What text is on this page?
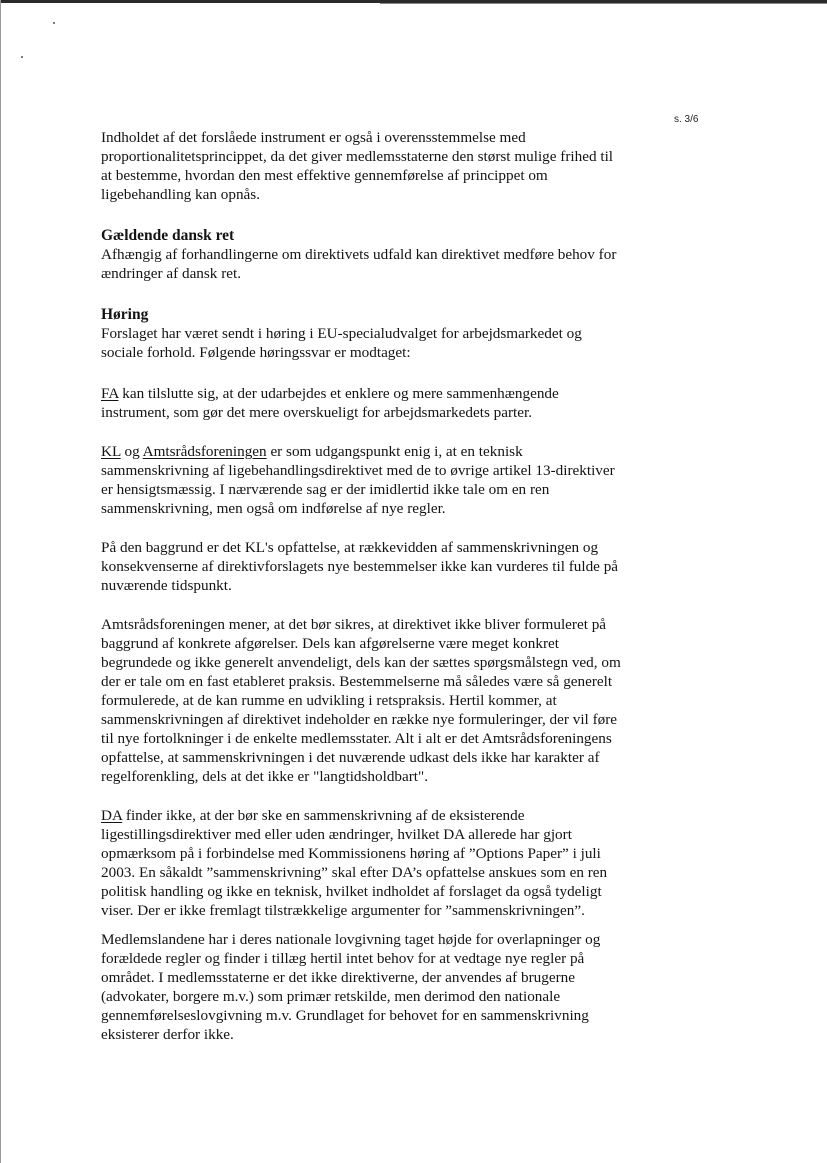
s. 3/6

Indholdet af det forslåede instrument er også i overensstemmelse med proportionalitetsprincippet, da det giver medlemsstaterne den størst mulige frihed til at bestemme, hvordan den mest effektive gennemførelse af princippet om ligebehandling kan opnås.

Gældende dansk ret

Afhængig af forhandlingerne om direktivets udfald kan direktivet medføre behov for ændringer af dansk ret.

Høring

Forslaget har været sendt i høring i EU-specialudvalget for arbejdsmarkedet og sociale forhold. Følgende høringssvar er modtaget:

FA kan tilslutte sig, at der udarbejdes et enklere og mere sammenhængende instrument, som gør det mere overskueligt for arbejdsmarkedets parter.

KL og Amtsrådsforeningen er som udgangspunkt enig i, at en teknisk sammenskrivning af ligebehandlingsdirektivet med de to øvrige artikel 13-direktiver er hensigtsmæssig. I nærværende sag er der imidlertid ikke tale om en ren sammenskrivning, men også om indførelse af nye regler.

På den baggrund er det KL's opfattelse, at rækkevidden af sammenskrivningen og konsekvenserne af direktivforslagets nye bestemmelser ikke kan vurderes til fulde på nuværende tidspunkt.

Amtsrådsforeningen mener, at det bør sikres, at direktivet ikke bliver formuleret på baggrund af konkrete afgørelser. Dels kan afgørelserne være meget konkret begrundede og ikke generelt anvendeligt, dels kan der sættes spørgsmålstegn ved, om der er tale om en fast etableret praksis. Bestemmelserne må således være så generelt formulerede, at de kan rumme en udvikling i retspraksis. Hertil kommer, at sammenskrivningen af direktivet indeholder en række nye formuleringer, der vil føre til nye fortolkninger i de enkelte medlemsstater. Alt i alt er det Amtsrådsforeningens opfattelse, at sammenskrivningen i det nuværende udkast dels ikke har karakter af regelforenkling, dels at det ikke er "langtidsholdbart".

DA finder ikke, at der bør ske en sammenskrivning af de eksisterende ligestillingsdirektiver med eller uden ændringer, hvilket DA allerede har gjort opmærksom på i forbindelse med Kommissionens høring af ”Options Paper” i juli 2003. En såkaldt ”sammenskrivning” skal efter DA’s opfattelse anskues som en ren politisk handling og ikke en teknisk, hvilket indholdet af forslaget da også tydeligt viser. Der er ikke fremlagt tilstrækkelige argumenter for ”sammenskrivningen”.

Medlemslandene har i deres nationale lovgivning taget højde for overlapninger og forældede regler og finder i tillæg hertil intet behov for at vedtage nye regler på området. I medlemsstaterne er det ikke direktiverne, der anvendes af brugerne (advokater, borgere m.v.) som primær retskilde, men derimod den nationale gennemførelseslovgivning m.v. Grundlaget for behovet for en sammenskrivning eksisterer derfor ikke.
